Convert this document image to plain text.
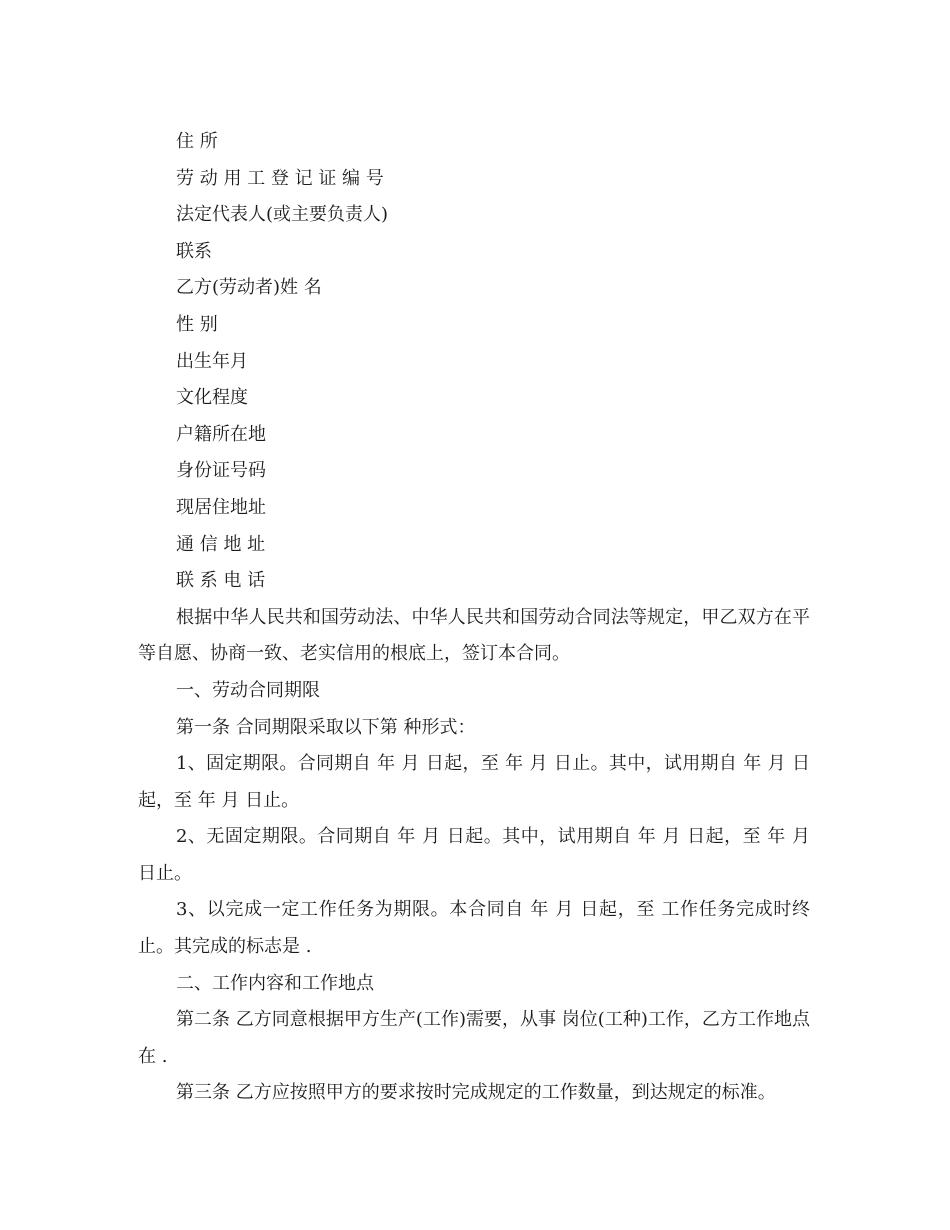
住 所

劳 动 用 工 登 记 证 编 号

法定代表人(或主要负责人)

联系

乙方(劳动者)姓 名

性 别

出生年月

文化程度

户籍所在地

身份证号码

现居住地址

通 信 地 址

联 系 电 话

根据中华人民共和国劳动法、中华人民共和国劳动合同法等规定，甲乙双方在平等自愿、协商一致、老实信用的根底上，签订本合同。

一、劳动合同期限

第一条 合同期限采取以下第 种形式：

1、固定期限。合同期自 年 月 日起，至 年 月 日止。其中，试用期自 年 月 日起，至 年 月 日止。

2、无固定期限。合同期自 年 月 日起。其中，试用期自 年 月 日起，至 年 月 日止。

3、以完成一定工作任务为期限。本合同自 年 月 日起，至 工作任务完成时终止。其完成的标志是 .

二、工作内容和工作地点

第二条 乙方同意根据甲方生产(工作)需要，从事 岗位(工种)工作，乙方工作地点在 .

第三条 乙方应按照甲方的要求按时完成规定的工作数量，到达规定的标准。
